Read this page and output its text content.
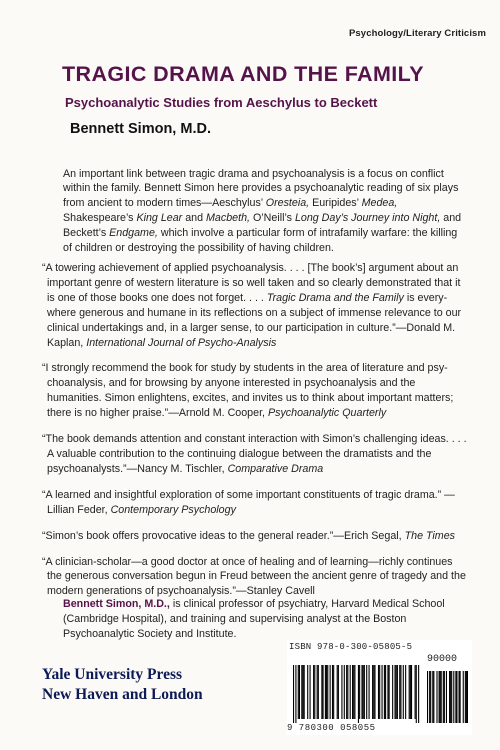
Psychology/Literary Criticism
TRAGIC DRAMA AND THE FAMILY
Psychoanalytic Studies from Aeschylus to Beckett
Bennett Simon, M.D.

An important link between tragic drama and psychoanalysis is a focus on conflict within the family. Bennett Simon here provides a psychoanalytic reading of six plays from ancient to modern times—Aeschylus’ Oresteia, Euripides’ Medea, Shakespeare’s King Lear and Macbeth, O’Neill’s Long Day’s Journey into Night, and Beckett’s Endgame, which involve a particular form of intrafamily warfare: the killing of children or destroying the possibility of having children.

“A towering achievement of applied psychoanalysis. . . . [The book’s] argument about an important genre of western literature is so well taken and so clearly demonstrated that it is one of those books one does not forget. . . . Tragic Drama and the Family is every-where generous and humane in its reflections on a subject of immense relevance to our clinical undertakings and, in a larger sense, to our participation in culture.”—Donald M. Kaplan, International Journal of Psycho-Analysis
“I strongly recommend the book for study by students in the area of literature and psy-choanalysis, and for browsing by anyone interested in psychoanalysis and the humanities. Simon enlightens, excites, and invites us to think about important matters; there is no higher praise.”—Arnold M. Cooper, Psychoanalytic Quarterly
“The book demands attention and constant interaction with Simon’s challenging ideas. . . . A valuable contribution to the continuing dialogue between the dramatists and the psychoanalysts.”—Nancy M. Tischler, Comparative Drama
“A learned and insightful exploration of some important constituents of tragic drama.” —Lillian Feder, Contemporary Psychology
“Simon’s book offers provocative ideas to the general reader.”—Erich Segal, The Times
“A clinician-scholar—a good doctor at once of healing and of learning—richly continues the generous conversation begun in Freud between the ancient genre of tragedy and the modern generations of psychoanalysis.”—Stanley Cavell

Bennett Simon, M.D., is clinical professor of psychiatry, Harvard Medical School (Cambridge Hospital), and training and supervising analyst at the Boston Psychoanalytic Society and Institute.

Yale University Press
New Haven and London
ISBN 978-0-300-05805-5
90000
9 780300 058055
